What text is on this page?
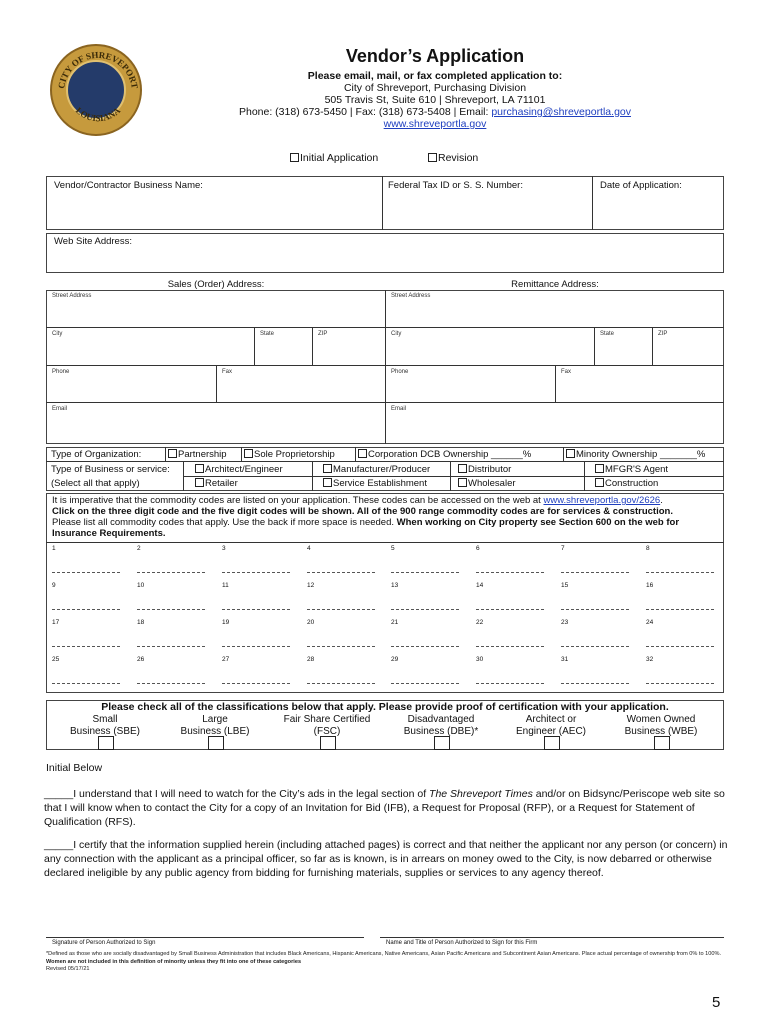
CITY OF SHREVEPORT
LOUISIANA
Vendor’s Application
Please email, mail, or fax completed application to:
City of Shreveport, Purchasing Division
505 Travis St, Suite 610 | Shreveport, LA 71101
Phone: (318) 673-5450 | Fax: (318) 673-5408 | Email: purchasing@shreveportla.gov
www.shreveportla.gov
Initial Application	Revision
Vendor/Contractor Business Name:	Federal Tax ID or S. S. Number:	Date of Application:
Web Site Address:
Sales (Order) Address:	Remittance Address:
Street Address	Street Address
City	State	ZIP	City	State	ZIP
Phone	Fax	Phone	Fax
Email	Email
Type of Organization:	Partnership	Sole Proprietorship	Corporation DCB Ownership ______%	Minority Ownership _______%
Type of Business or service:
(Select all that apply)
Architect/Engineer	Manufacturer/Producer	Distributor	MFGR'S Agent
Retailer	Service Establishment	Wholesaler	Construction
It is imperative that the commodity codes are listed on your application. These codes can be accessed on the web at www.shreveportla.gov/2626.
Click on the three digit code and the five digit codes will be shown. All of the 900 range commodity codes are for services & construction.
Please list all commodity codes that apply. Use the back if more space is needed. When working on City property see Section 600 on the web for Insurance Requirements.
1	2	3	4	5	6	7	8
9	10	11	12	13	14	15	16
17	18	19	20	21	22	23	24
25	26	27	28	29	30	31	32
Please check all of the classifications below that apply. Please provide proof of certification with your application.
Small
Business (SBE)
Large
Business (LBE)
Fair Share Certified
(FSC)
Disadvantaged
Business (DBE)*
Architect or
Engineer (AEC)
Women Owned
Business (WBE)
Initial Below
_____I understand that I will need to watch for the City’s ads in the legal section of The Shreveport Times and/or on Bidsync/Periscope web site so that I will know when to contact the City for a copy of an Invitation for Bid (IFB), a Request for Proposal (RFP), or a Request for Statement of Qualification (RFS).
_____I certify that the information supplied herein (including attached pages) is correct and that neither the applicant nor any person (or concern) in any connection with the applicant as a principal officer, so far as is known, is in arrears on money owed to the City, is now debarred or otherwise declared ineligible by any public agency from bidding for furnishing materials, supplies or services to any agency thereof.
Signature of Person Authorized to Sign	Name and Title of Person Authorized to Sign for this Firm
*Defined as those who are socially disadvantaged by Small Business Administration that includes Black Americans, Hispanic Americans, Native Americans, Asian Pacific Americans and Subcontinent Asian Americans. Place actual percentage of ownership from 0% to 100%. Women are not included in this definition of minority unless they fit into one of these categories
Revised 05/17/21
5
